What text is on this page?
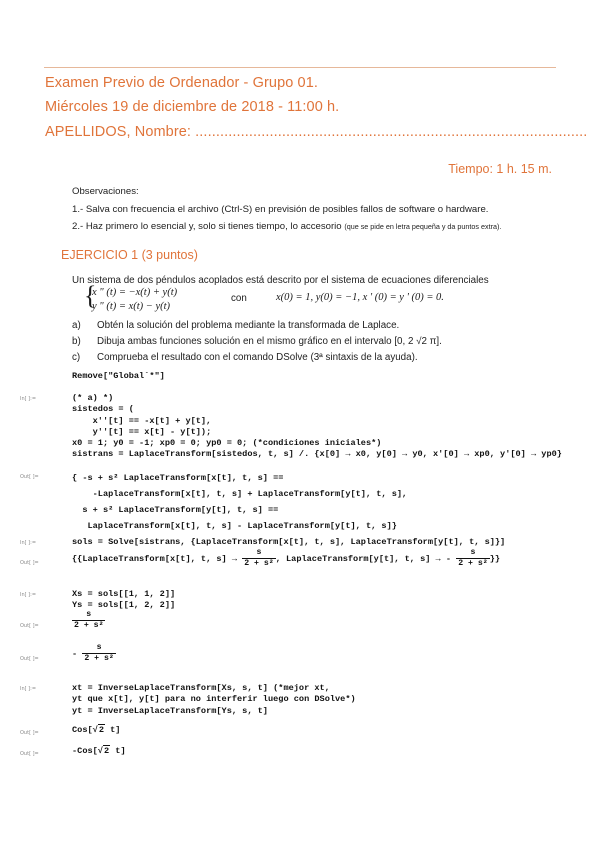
Examen Previo de Ordenador - Grupo 01.
Miércoles 19 de diciembre de 2018 - 11:00 h.
APELLIDOS, Nombre: ...............................................................................................
Tiempo: 1 h. 15 m.
Observaciones:
1.- Salva con frecuencia el archivo (Ctrl-S) en previsión de posibles fallos de software o hardware.
2.- Haz primero lo esencial y, solo si tienes tiempo, lo accesorio (que se pide en letra pequeña y da puntos extra).
EJERCICIO 1 (3 puntos)
Un sistema de dos péndulos acoplados está descrito por el sistema de ecuaciones diferenciales
{
x " (t) = −x(t) + y(t)
y " (t) = x(t) − y(t)
con	x(0) = 1, y(0) = −1, x ' (0) = y ' (0) = 0.
a) Obtén la solución del problema mediante la transformada de Laplace.
b) Dibuja ambas funciones solución en el mismo gráfico en el intervalo [0, 2 √2 π].
c) Comprueba el resultado con el comando DSolve (3ª sintaxis de la ayuda).
Remove["Global`*"]
In[ ]:=	(* a) *)
sistedos = (
x''[t] == -x[t] + y[t],
y''[t] == x[t] - y[t]);
x0 = 1; y0 = -1; xp0 = 0; yp0 = 0; (*condiciones iniciales*)
sistrans = LaplaceTransform[sistedos, t, s] /. {x[0] → x0, y[0] → y0, x'[0] → xp0, y'[0] → yp0}
Out[ ]=	{ -s + s² LaplaceTransform[x[t], t, s] ==
-LaplaceTransform[x[t], t, s] + LaplaceTransform[y[t], t, s],
s + s² LaplaceTransform[y[t], t, s] ==
LaplaceTransform[x[t], t, s] - LaplaceTransform[y[t], t, s]}
In[ ]:=	sols = Solve[sistrans, {LaplaceTransform[x[t], t, s], LaplaceTransform[y[t], t, s]}]
Out[ ]=	{{LaplaceTransform[x[t], t, $s] \to \frac{s}{\text{2 + s²}}$ , LaplaceTransform[y[t], t, s] → - $\frac{s}{\text{2 + s²}}$ }}
In[ ]:=	Xs = sols[[1, 1, 2]]
Ys = sols[[1, 2, 2]]
Out[ ]=	$\frac{s}{\text{2 + s²}}$
Out[ ]=
- $\frac{s}{\text{2 + s²}}$
In[ ]:=	xt = InverseLaplaceTransform[Xs, s, t] (*mejor xt,
yt que x[t], y[t] para no interferir luego con DSolve*)
yt = InverseLaplaceTransform[Ys, s, t]
Out[ ]=	Cos[√2 t]
Out[ ]=	-Cos[√2 t]
